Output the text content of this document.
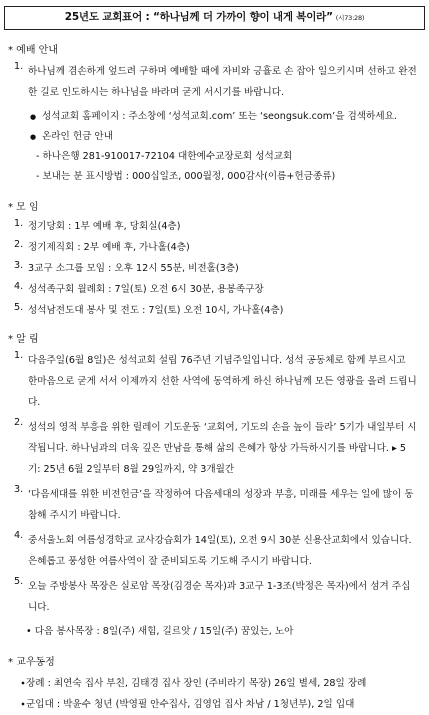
25년도 교회표어 : “하나님께 더 가까이 향이 내게 복이라” (시73:28)
* 예배 안내
1. 하나님께 겸손하게 엎드려 구하며 예배할 때에 자비와 긍휼로 손 잡아 일으키시며 선하고 완전한 길로 인도하시는 하나님을 바라며 굳게 서시기를 바랍니다.
● 성석교회 홈페이지 : 주소창에 ‘성석교회.com’ 또는 ‘seongsuk.com’을 검색하세요.
● 온라인 헌금 안내
- 하나은행 281-910017-72104 대한예수교장로회 성석교회
- 보내는 분 표시방법 : 000십일조, 000월정, 000감사(이름+헌금종류)
* 모 임
1. 정기당회 : 1부 예배 후, 당회실(4층)
2. 정기제직회 : 2부 예배 후, 가나홀(4층)
3. 3교구 소그룹 모임 : 오후 12시 55분, 비전홀(3층)
4. 성석족구회 월례회 : 7일(토) 오전 6시 30분, 용봉족구장
5. 성석남전도대 봉사 및 전도 : 7일(토) 오전 10시, 가나홀(4층)
* 알 림
1. 다음주일(6월 8일)은 성석교회 설립 76주년 기념주일입니다. 성석 공동체로 함께 부르시고 한마음으로 굳게 서서 이제까지 선한 사역에 동역하게 하신 하나님께 모든 영광을 올려 드립니다.
2. 성석의 영적 부흥을 위한 릴레이 기도운동 ‘교회여, 기도의 손을 높이 들라’ 5기가 내일부터 시작됩니다. 하나님과의 더욱 깊은 만남을 통해 삶의 은혜가 항상 가득하시기를 바랍니다. ▸ 5기: 25년 6월 2일부터 8월 29일까지, 약 3개월간
3. ‘다음세대를 위한 비전헌금’을 작정하여 다음세대의 성장과 부흥, 미래를 세우는 일에 많이 동참해 주시기 바랍니다.
4. 중서울노회 여름성경학교 교사강습회가 14일(토), 오전 9시 30분 신용산교회에서 있습니다. 은혜롭고 풍성한 여름사역이 잘 준비되도록 기도해 주시기 바랍니다.
5. 오늘 주방봉사 목장은 실로암 목장(김경순 목자)과 3교구 1-3조(박정은 목자)에서 섬겨 주십니다.
• 다음 봉사목장 : 8일(주) 새힘, 길르앗 / 15일(주) 꿈있는, 노아
* 교우동정
∙장례 : 최연숙 집사 부친, 김태경 집사 장인 (주비라기 목장) 26일 별세, 28일 장례
∙군입대 : 박윤수 청년 (박영필 안수집사, 김영업 집사 차남 / 1청년부), 2일 입대
